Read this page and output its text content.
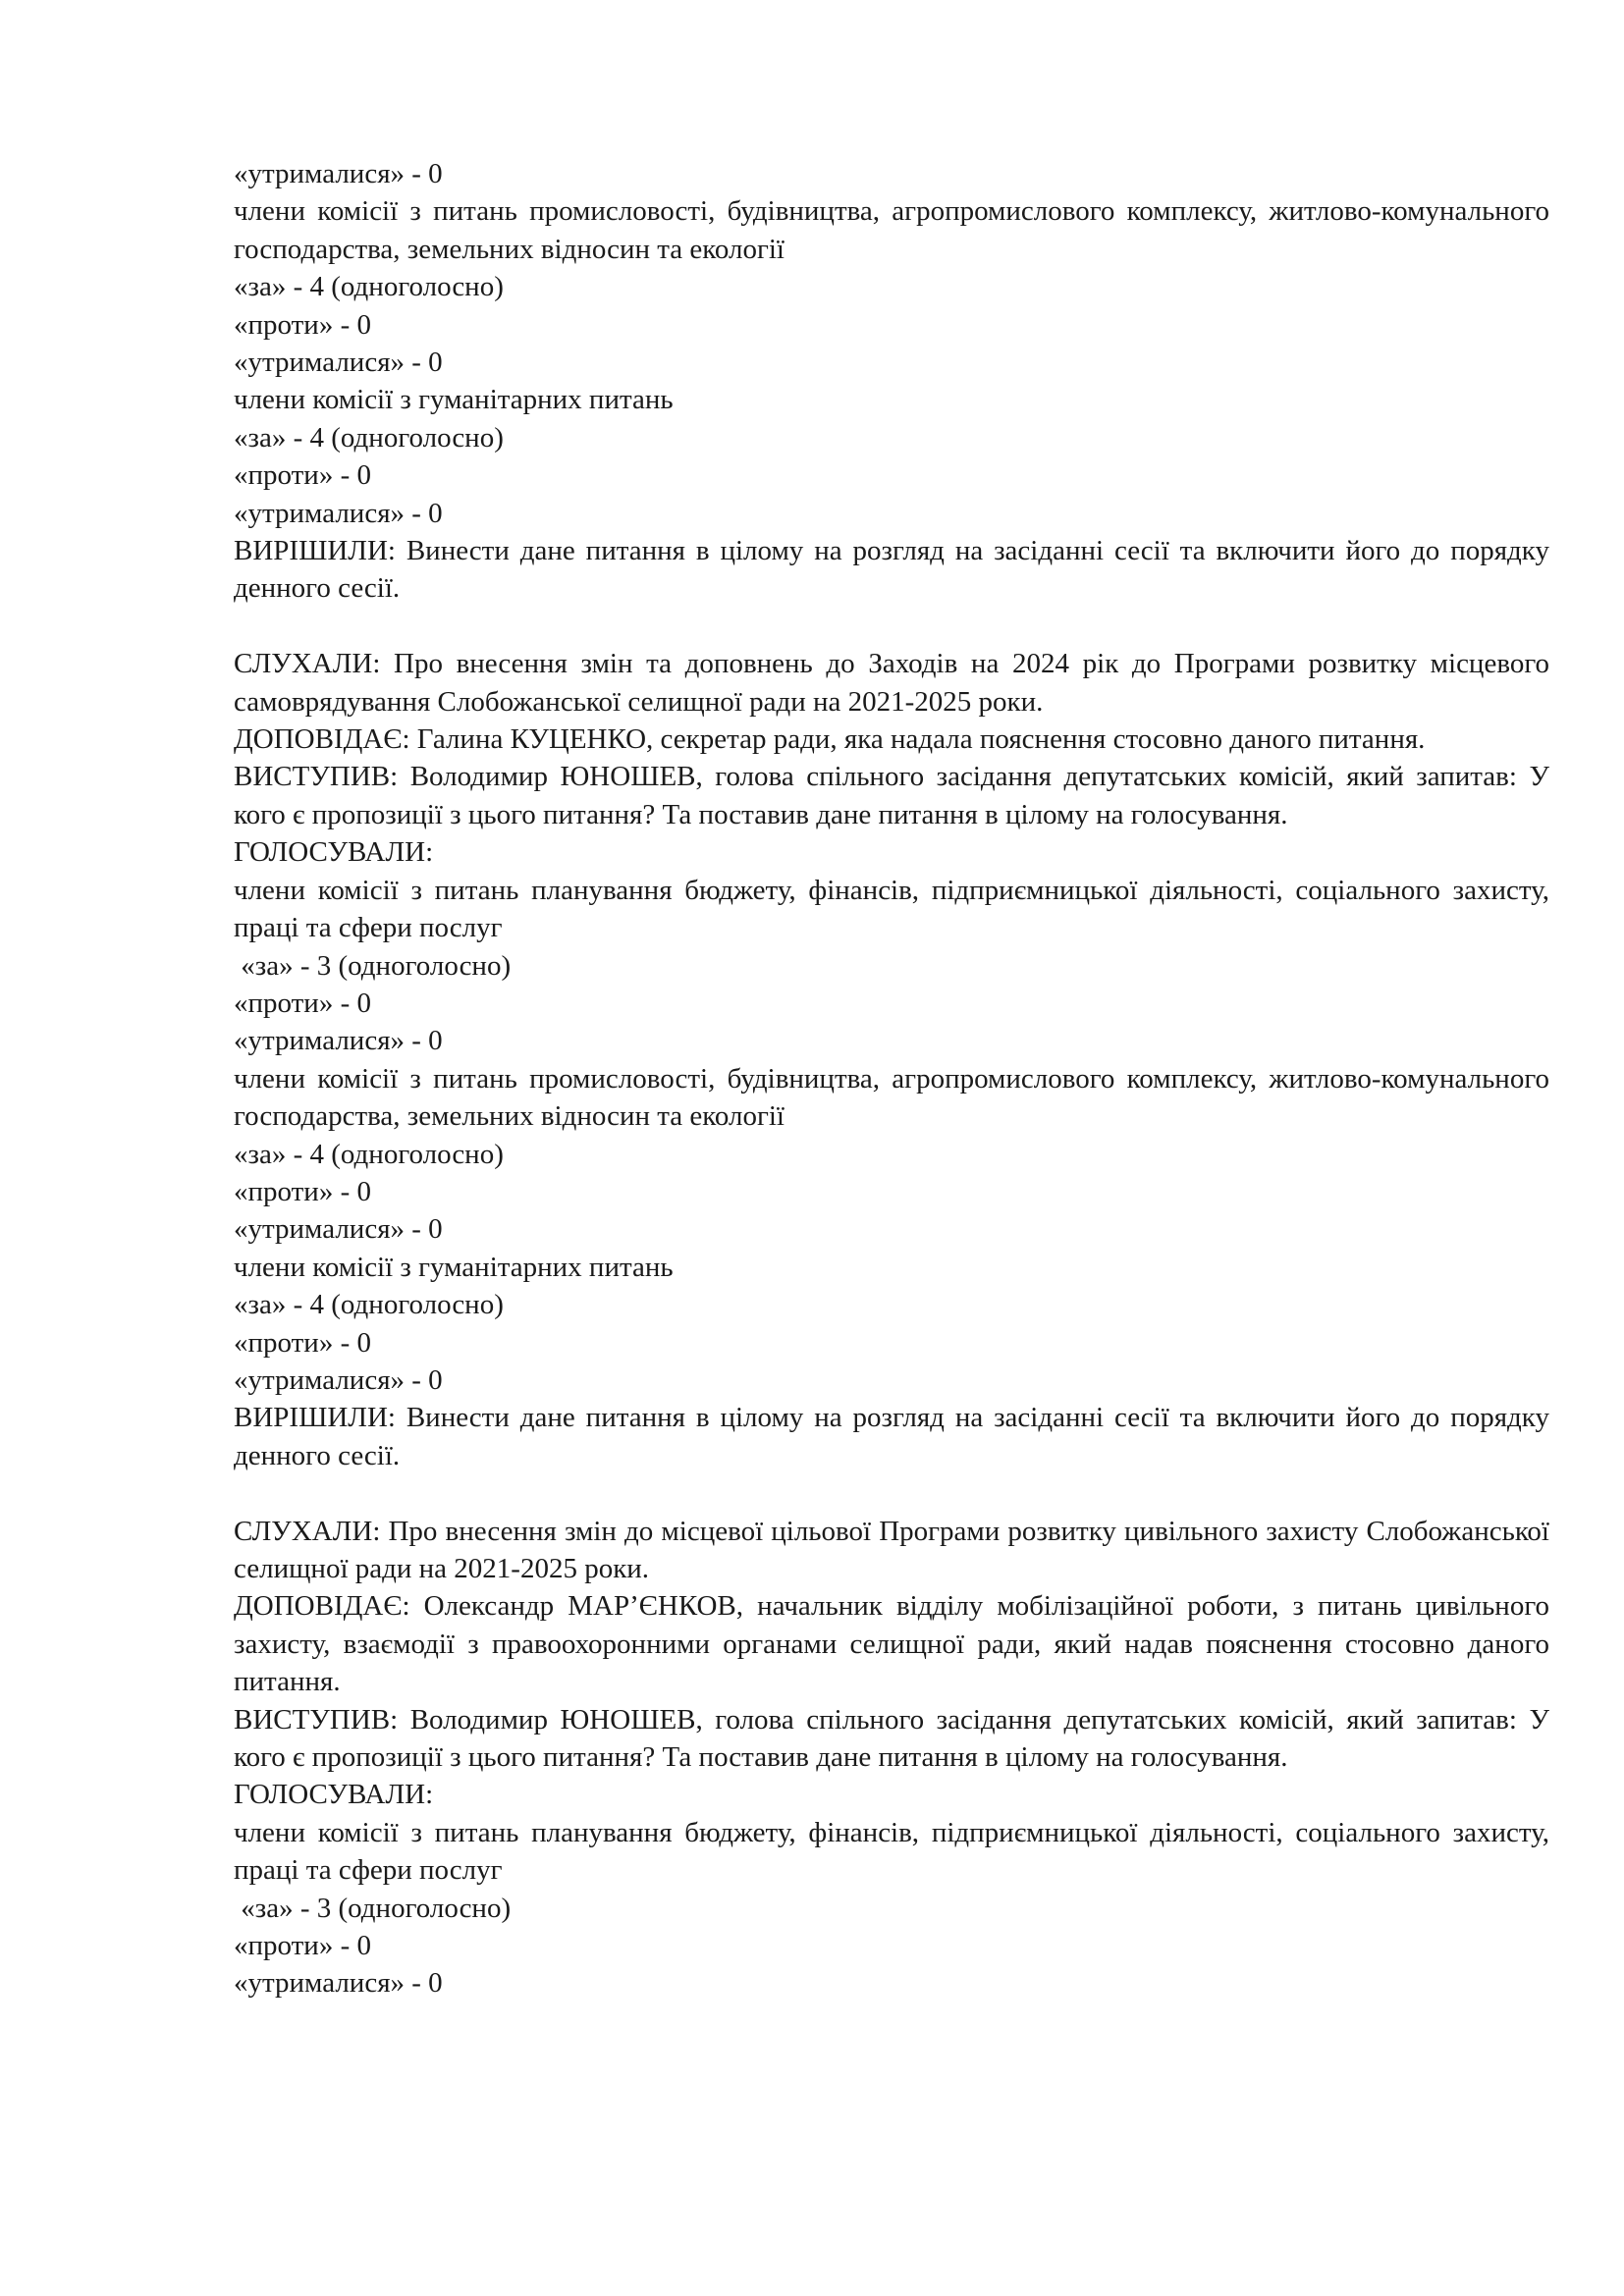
«утрималися» - 0
члени комісії з питань промисловості, будівництва, агропромислового комплексу, житлово-комунального господарства, земельних відносин та екології
«за» - 4 (одноголосно)
«проти» - 0
«утрималися» - 0
члени комісії з гуманітарних питань
«за» - 4 (одноголосно)
«проти» - 0
«утрималися» - 0
ВИРІШИЛИ: Винести дане питання в цілому на розгляд на засіданні сесії та включити його до порядку денного сесії.
СЛУХАЛИ: Про внесення змін та доповнень до Заходів на 2024 рік до Програми розвитку місцевого самоврядування Слобожанської селищної ради на 2021-2025 роки.
ДОПОВІДАЄ: Галина КУЦЕНКО, секретар ради, яка надала пояснення стосовно даного питання.
ВИСТУПИВ: Володимир ЮНОШЕВ, голова спільного засідання депутатських комісій, який запитав: У кого є пропозиції з цього питання? Та поставив дане питання в цілому на голосування.
ГОЛОСУВАЛИ:
члени комісії з питань планування бюджету, фінансів, підприємницької діяльності, соціального захисту, праці та сфери послуг
«за» - 3 (одноголосно)
«проти» - 0
«утрималися» - 0
члени комісії з питань промисловості, будівництва, агропромислового комплексу, житлово-комунального господарства, земельних відносин та екології
«за» - 4 (одноголосно)
«проти» - 0
«утрималися» - 0
члени комісії з гуманітарних питань
«за» - 4 (одноголосно)
«проти» - 0
«утрималися» - 0
ВИРІШИЛИ: Винести дане питання в цілому на розгляд на засіданні сесії та включити його до порядку денного сесії.
СЛУХАЛИ: Про внесення змін до місцевої цільової Програми розвитку цивільного захисту Слобожанської селищної ради на 2021-2025 роки.
ДОПОВІДАЄ: Олександр МАР’ЄНКОВ, начальник відділу мобілізаційної роботи, з питань цивільного захисту, взаємодії з правоохоронними органами селищної ради, який надав пояснення стосовно даного питання.
ВИСТУПИВ: Володимир ЮНОШЕВ, голова спільного засідання депутатських комісій, який запитав: У кого є пропозиції з цього питання? Та поставив дане питання в цілому на голосування.
ГОЛОСУВАЛИ:
члени комісії з питань планування бюджету, фінансів, підприємницької діяльності, соціального захисту, праці та сфери послуг
«за» - 3 (одноголосно)
«проти» - 0
«утрималися» - 0
